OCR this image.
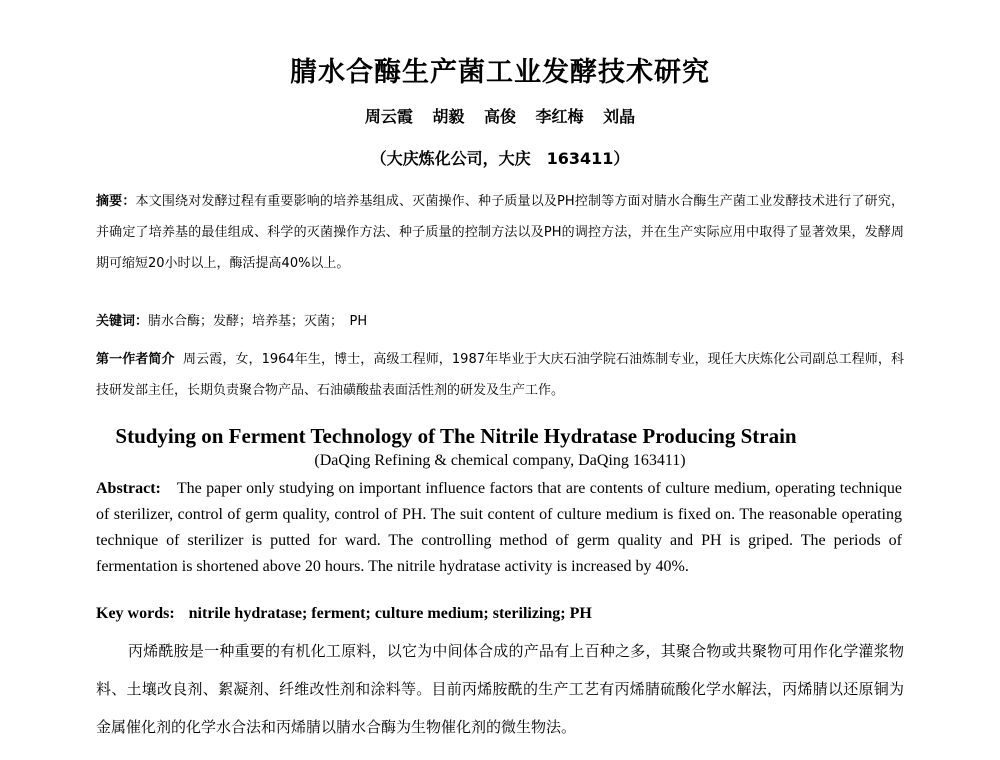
腈水合酶生产菌工业发酵技术研究
周云霞 胡毅 高俊 李红梅 刘晶
（大庆炼化公司，大庆　163411）
摘要：本文围绕对发酵过程有重要影响的培养基组成、灭菌操作、种子质量以及PH控制等方面对腈水合酶生产菌工业发酵技术进行了研究，并确定了培养基的最佳组成、科学的灭菌操作方法、种子质量的控制方法以及PH的调控方法，并在生产实际应用中取得了显著效果，发酵周期可缩短20小时以上，酶活提高40%以上。
关键词：腈水合酶；发酵；培养基；灭菌；　PH
第一作者简介 周云霞，女，1964年生，博士，高级工程师，1987年毕业于大庆石油学院石油炼制专业，现任大庆炼化公司副总工程师，科技研发部主任，长期负责聚合物产品、石油磺酸盐表面活性剂的研发及生产工作。
Studying on Ferment Technology of The Nitrile Hydratase Producing Strain
(DaQing Refining & chemical company, DaQing 163411)
Abstract: The paper only studying on important influence factors that are contents of culture medium, operating technique of sterilizer, control of germ quality, control of PH. The suit content of culture medium is fixed on. The reasonable operating technique of sterilizer is putted for ward. The controlling method of germ quality and PH is griped. The periods of fermentation is shortened above 20 hours. The nitrile hydratase activity is increased by 40%.
Key words: nitrile hydratase; ferment; culture medium; sterilizing; PH
丙烯酰胺是一种重要的有机化工原料，以它为中间体合成的产品有上百种之多，其聚合物或共聚物可用作化学灌浆物料、土壤改良剂、絮凝剂、纤维改性剂和涂料等。目前丙烯胺酰的生产工艺有丙烯腈硫酸化学水解法，丙烯腈以还原铜为金属催化剂的化学水合法和丙烯腈以腈水合酶为生物催化剂的微生物法。
